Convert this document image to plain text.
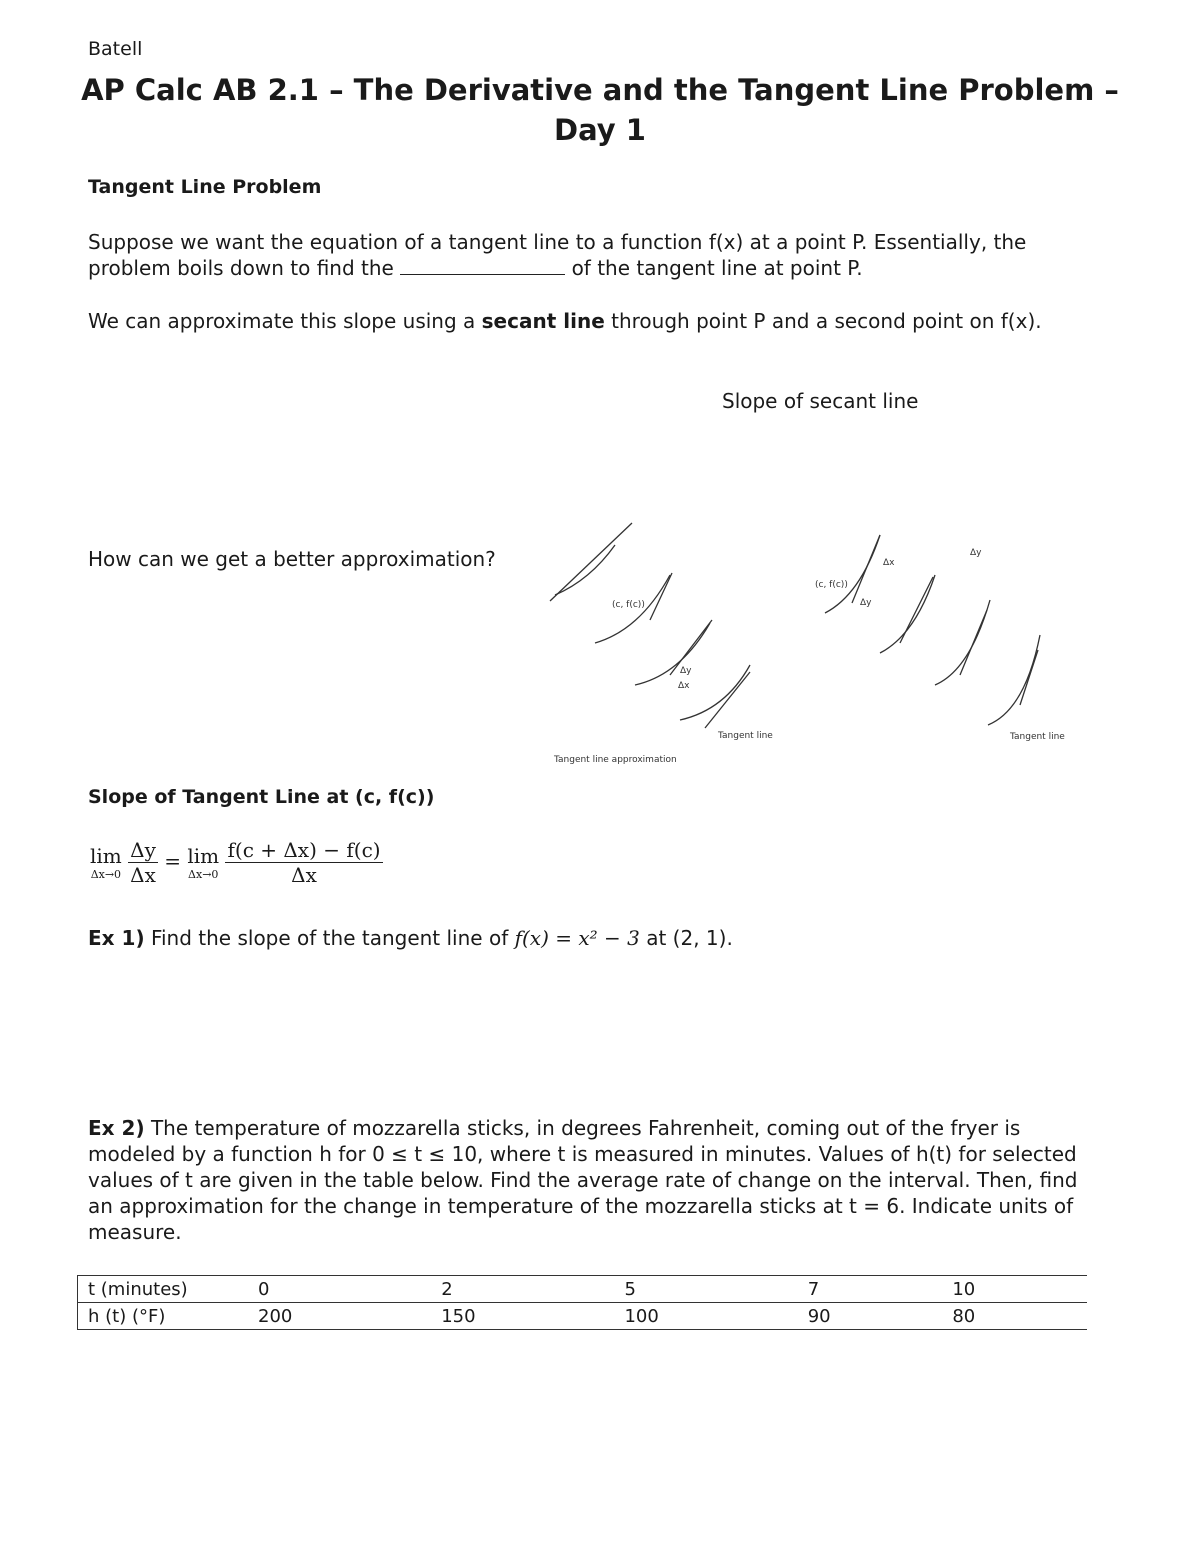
Batell
AP Calc AB 2.1 – The Derivative and the Tangent Line Problem –
Day 1
Tangent Line Problem
Suppose we want the equation of a tangent line to a function f(x) at a point P. Essentially, the
problem boils down to find the	of the tangent line at point P.
We can approximate this slope using a secant line through point P and a second point on f(x).
Slope of secant line
How can we get a better approximation?
(c, f(c))
Δy
Δx
Tangent line
(c, f(c))
Δx
Δy
Δy
Tangent line
Tangent line approximation
Slope of Tangent Line at (c, f(c))
lim
Δx→0
$\frac{\Delta y}{\Delta x} = \lim$
Δx→0
$\frac{f(c + \Delta x) - f(c)}{\Delta x}$
Ex 1) Find the slope of the tangent line of f(x) = x² − 3 at (2, 1).
Ex 2) The temperature of mozzarella sticks, in degrees Fahrenheit, coming out of the fryer is modeled by a function h for 0 ≤ t ≤ 10, where t is measured in minutes. Values of h(t) for selected values of t are given in the table below. Find the average rate of change on the interval. Then, find an approximation for the change in temperature of the mozzarella sticks at t = 6. Indicate units of measure.
t (minutes)	0	2	5	7	10
h (t) (°F)	200	150	100	90	80
